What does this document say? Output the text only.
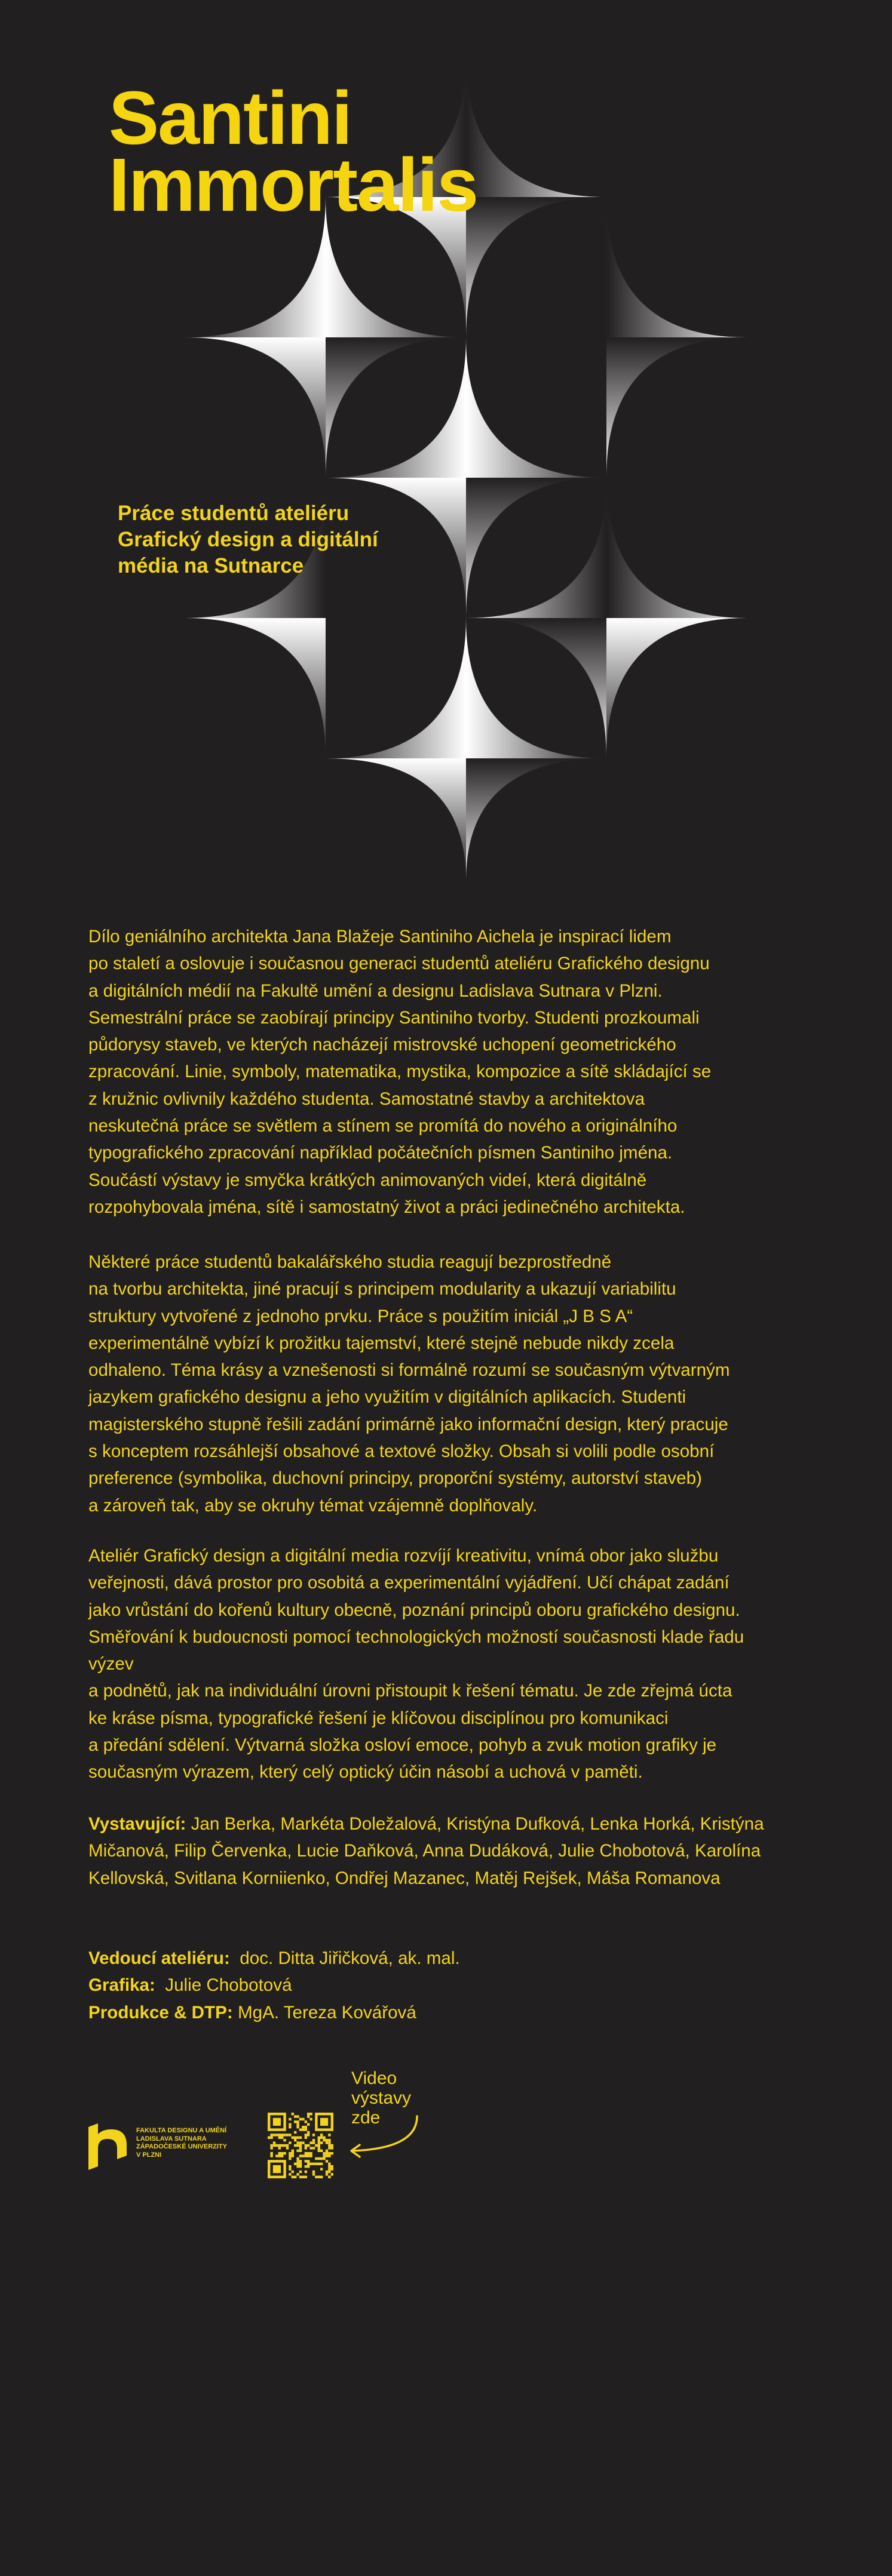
Santini
Immortalis

Práce studentů ateliéru
Grafický design a digitální
média na Sutnarce

Dílo geniálního architekta Jana Blažeje Santiniho Aichela je inspirací lidem
po staletí a oslovuje i současnou generaci studentů ateliéru Grafického designu
a digitálních médií na Fakultě umění a designu Ladislava Sutnara v Plzni.
Semestrální práce se zaobírají principy Santiniho tvorby. Studenti prozkoumali
půdorysy staveb, ve kterých nacházejí mistrovské uchopení geometrického
zpracování. Linie, symboly, matematika, mystika, kompozice a sítě skládající se
z kružnic ovlivnily každého studenta. Samostatné stavby a architektova
neskutečná práce se světlem a stínem se promítá do nového a originálního
typografického zpracování například počátečních písmen Santiniho jména.
Součástí výstavy je smyčka krátkých animovaných videí, která digitálně
rozpohybovala jména, sítě i samostatný život a práci jedinečného architekta.

Některé práce studentů bakalářského studia reagují bezprostředně
na tvorbu architekta, jiné pracují s principem modularity a ukazují variabilitu
struktury vytvořené z jednoho prvku. Práce s použitím iniciál „J B S A“
experimentálně vybízí k prožitku tajemství, které stejně nebude nikdy zcela
odhaleno. Téma krásy a vznešenosti si formálně rozumí se současným výtvarným
jazykem grafického designu a jeho využitím v digitálních aplikacích. Studenti
magisterského stupně řešili zadání primárně jako informační design, který pracuje
s konceptem rozsáhlejší obsahové a textové složky. Obsah si volili podle osobní
preference (symbolika, duchovní principy, proporční systémy, autorství staveb)
a zároveň tak, aby se okruhy témat vzájemně doplňovaly.

Ateliér Grafický design a digitální media rozvíjí kreativitu, vnímá obor jako službu
veřejnosti, dává prostor pro osobitá a experimentální vyjádření. Učí chápat zadání
jako vrůstání do kořenů kultury obecně, poznání principů oboru grafického designu.
Směřování k budoucnosti pomocí technologických možností současnosti klade řadu
výzev
a podnětů, jak na individuální úrovni přistoupit k řešení tématu. Je zde zřejmá úcta
ke kráse písma, typografické řešení je klíčovou disciplínou pro komunikaci
a předání sdělení. Výtvarná složka osloví emoce, pohyb a zvuk motion grafiky je
současným výrazem, který celý optický účin násobí a uchová v paměti.

Vystavující: Jan Berka, Markéta Doležalová, Kristýna Dufková, Lenka Horká, Kristýna Mičanová, Filip Červenka, Lucie Daňková, Anna Dudáková, Julie Chobotová, Karolína Kellovská, Svitlana Korniienko, Ondřej Mazanec, Matěj Rejšek, Máša Romanova

Vedoucí ateliéru: doc. Ditta Jiřičková, ak. mal.
Grafika: Julie Chobotová
Produkce & DTP: MgA. Tereza Kovářová

FAKULTA DESIGNU A UMĚNÍ
LADISLAVA SUTNARA
ZÁPADOČESKÉ UNIVERZITY
V PLZNI

Video
výstavy
zde
